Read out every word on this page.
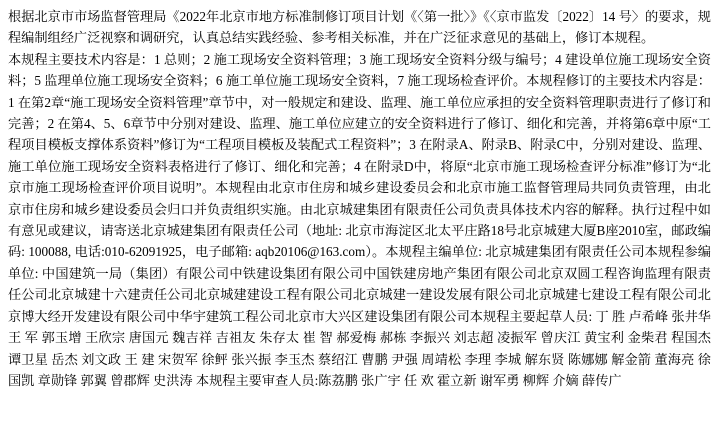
根据北京市市场监督管理局《2022年北京市地方标准制修订项目计划《〈第一批〉》《〈京市监发〔2022〕14 号〉的要求，规程编制组经广泛视察和调研究，认真总结实践经验、参考相关标准，并在广泛征求意见的基础上，修订本规程。

本规程主要技术内容是：1 总则；2 施工现场安全资料管理；3 施工现场安全资料分级与编号；4 建设单位施工现场安全资料；5 监理单位施工现场安全资料；6 施工单位施工现场安全资料，7 施工现场检查评价。本规程修订的主要技术内容是：1 在第2章“施工现场安全资料管理”章节中，对一般规定和建设、监理、施工单位应承担的安全资料管理职责进行了修订和完善；2 在第4、5、6章节中分别对建设、监理、施工单位应建立的安全资料进行了修订、细化和完善，并将第6章中原“工程项目模板支撑体系资料”修订为“工程项目模板及装配式工程资料”；3 在附录A、附录B、附录C中，分别对建设、监理、施工单位施工现场安全资料表格进行了修订、细化和完善；4 在附录D中，将原“北京市施工现场检查评分标准”修订为“北京市施工现场检查评价项目说明”。本规程由北京市住房和城乡建设委员会和北京市施工监督管理局共同负责管理，由北京市住房和城乡建设委员会归口并负责组织实施。由北京城建集团有限责任公司负责具体技术内容的解释。执行过程中如有意见或建议，请寄送北京城建集团有限责任公司（地址: 北京市海淀区北太平庄路18号北京城建大厦B座2010室，邮政编码: 100088, 电话:010-62091925，电子邮箱: aqb20106@163.com）。本规程主编单位: 北京城建集团有限责任公司本规程参编单位: 中国建筑一局（集团）有限公司中铁建设集团有限公司中国铁建房地产集团有限公司北京双圆工程咨询监理有限责任公司北京城建十六建责任公司北京城建建设工程有限公司北京城建一建设发展有限公司北京城建七建设工程有限公司北京博大经开发建设有限公司中华宇建筑工程公司北京市大兴区建设集团有限公司本规程主要起草人员: 丁 胜 卢希峰 张井华 王 军 郭玉增 王欣宗 唐国元 魏吉祥 吉祖友 朱存太 崔 智 郝爱梅 郝栋 李振兴 刘志超 凌振军 曾庆江 黄宝利 金柴君 程国杰 谭卫星 岳杰 刘文政 王 建 宋贺军 徐鲆 张兴振 李玉杰 蔡绍江 曹鹏 尹强 周靖松 李理 李城 解东贤 陈娜娜 解金箭 董海亮 徐国凯 章勋锋 郭翼 曾郡辉 史洪涛 本规程主要审查人员:陈荔鹏 张广宇 任 欢 霍立新 谢军勇 柳辉 介嫡 薛传广
